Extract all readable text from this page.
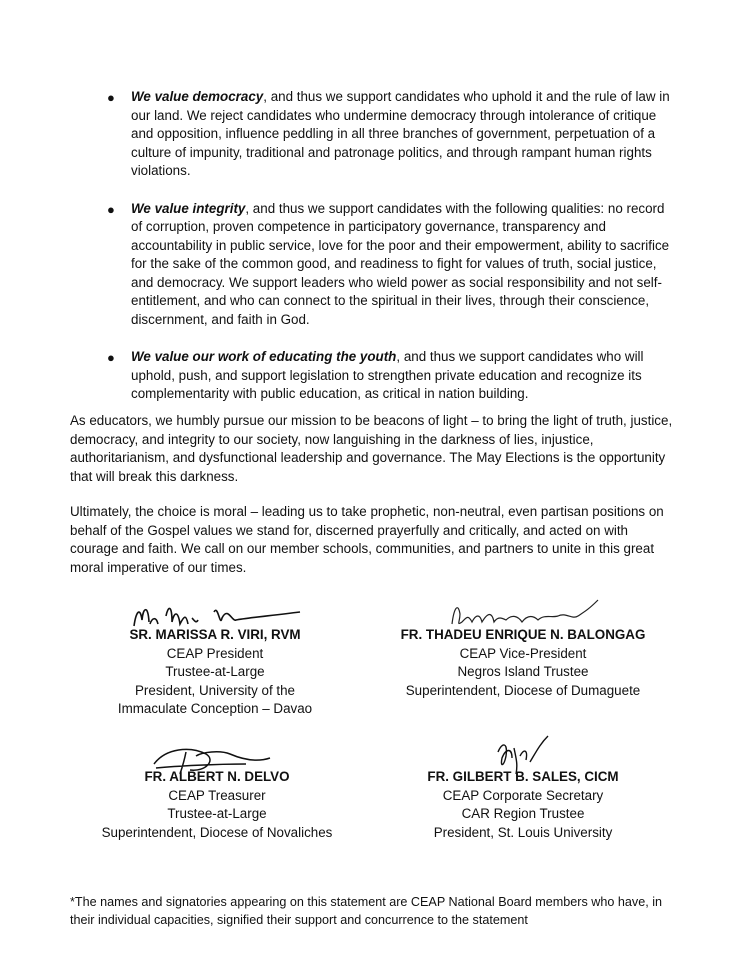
● We value democracy, and thus we support candidates who uphold it and the rule of law in our land. We reject candidates who undermine democracy through intolerance of critique and opposition, influence peddling in all three branches of government, perpetuation of a culture of impunity, traditional and patronage politics, and through rampant human rights violations.
● We value integrity, and thus we support candidates with the following qualities: no record of corruption, proven competence in participatory governance, transparency and accountability in public service, love for the poor and their empowerment, ability to sacrifice for the sake of the common good, and readiness to fight for values of truth, social justice, and democracy. We support leaders who wield power as social responsibility and not self-entitlement, and who can connect to the spiritual in their lives, through their conscience, discernment, and faith in God.
● We value our work of educating the youth, and thus we support candidates who will uphold, push, and support legislation to strengthen private education and recognize its complementarity with public education, as critical in nation building.

As educators, we humbly pursue our mission to be beacons of light – to bring the light of truth, justice, democracy, and integrity to our society, now languishing in the darkness of lies, injustice, authoritarianism, and dysfunctional leadership and governance. The May Elections is the opportunity that will break this darkness.

Ultimately, the choice is moral – leading us to take prophetic, non-neutral, even partisan positions on behalf of the Gospel values we stand for, discerned prayerfully and critically, and acted on with courage and faith. We call on our member schools, communities, and partners to unite in this great moral imperative of our times.

SR. MARISSA R. VIRI, RVM
CEAP President
Trustee-at-Large
President, University of the
Immaculate Conception – Davao
FR. THADEU ENRIQUE N. BALONGAG
CEAP Vice-President
Negros Island Trustee
Superintendent, Diocese of Dumaguete
FR. ALBERT N. DELVO
CEAP Treasurer
Trustee-at-Large
Superintendent, Diocese of Novaliches
FR. GILBERT B. SALES, CICM
CEAP Corporate Secretary
CAR Region Trustee
President, St. Louis University

*The names and signatories appearing on this statement are CEAP National Board members who have, in their individual capacities, signified their support and concurrence to the statement
